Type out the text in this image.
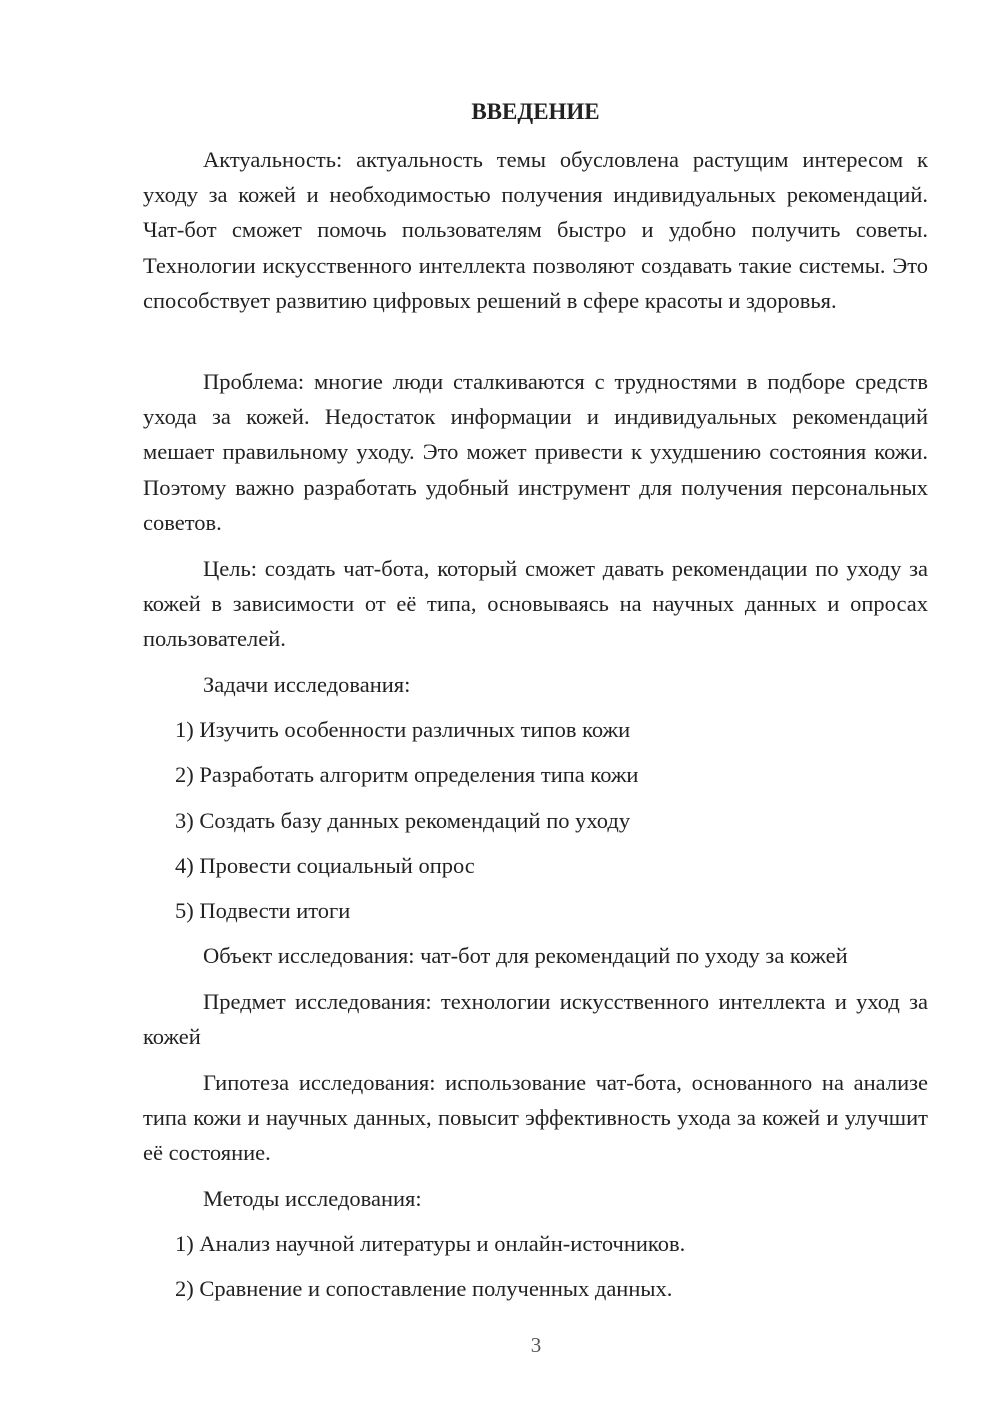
ВВЕДЕНИЕ

Актуальность: актуальность темы обусловлена растущим интересом к уходу за кожей и необходимостью получения индивидуальных рекомендаций. Чат-бот сможет помочь пользователям быстро и удобно получить советы. Технологии искусственного интеллекта позволяют создавать такие системы. Это способствует развитию цифровых решений в сфере красоты и здоровья.

Проблема: многие люди сталкиваются с трудностями в подборе средств ухода за кожей. Недостаток информации и индивидуальных рекомендаций мешает правильному уходу. Это может привести к ухудшению состояния кожи. Поэтому важно разработать удобный инструмент для получения персональных советов.

Цель: создать чат-бота, который сможет давать рекомендации по уходу за кожей в зависимости от её типа, основываясь на научных данных и опросах пользователей.

Задачи исследования:

1) Изучить особенности различных типов кожи

2) Разработать алгоритм определения типа кожи

3) Создать базу данных рекомендаций по уходу

4) Провести социальный опрос

5) Подвести итоги

Объект исследования: чат-бот для рекомендаций по уходу за кожей

Предмет исследования: технологии искусственного интеллекта и уход за кожей

Гипотеза исследования: использование чат-бота, основанного на анализе типа кожи и научных данных, повысит эффективность ухода за кожей и улучшит её состояние.

Методы исследования:

1) Анализ научной литературы и онлайн-источников.

2) Сравнение и сопоставление полученных данных.

3
